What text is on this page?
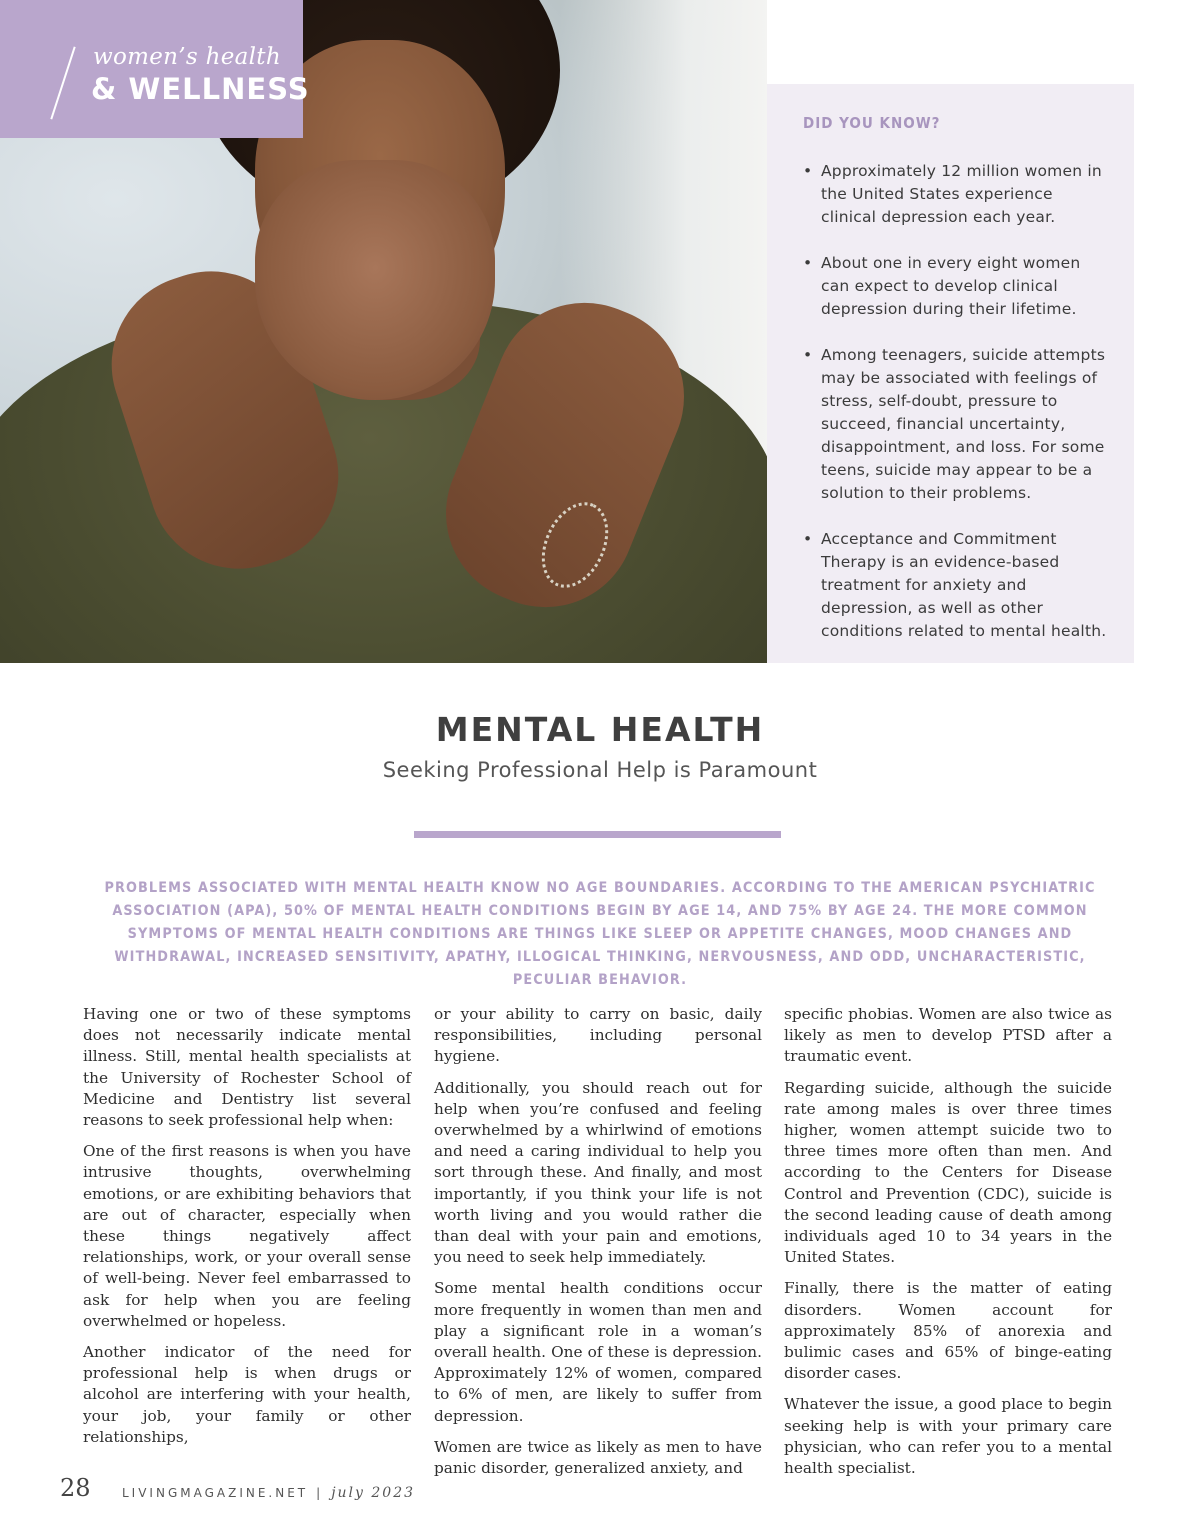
women’s health
& WELLNESS
DID YOU KNOW?
• Approximately 12 million women in the United States experience clinical depression each year.
• About one in every eight women can expect to develop clinical depression during their lifetime.
• Among teenagers, suicide attempts may be associated with feelings of stress, self-doubt, pressure to succeed, financial uncertainty, disappointment, and loss. For some teens, suicide may appear to be a solution to their problems.
• Acceptance and Commitment Therapy is an evidence-based treatment for anxiety and depression, as well as other conditions related to mental health.
MENTAL HEALTH
Seeking Professional Help is Paramount

PROBLEMS ASSOCIATED WITH MENTAL HEALTH KNOW NO AGE BOUNDARIES. ACCORDING TO THE AMERICAN PSYCHIATRIC ASSOCIATION (APA), 50% OF MENTAL HEALTH CONDITIONS BEGIN BY AGE 14, AND 75% BY AGE 24. THE MORE COMMON SYMPTOMS OF MENTAL HEALTH CONDITIONS ARE THINGS LIKE SLEEP OR APPETITE CHANGES, MOOD CHANGES AND WITHDRAWAL, INCREASED SENSITIVITY, APATHY, ILLOGICAL THINKING, NERVOUSNESS, AND ODD, UNCHARACTERISTIC, PECULIAR BEHAVIOR.

Having one or two of these symptoms does not necessarily indicate mental illness. Still, mental health specialists at the University of Rochester School of Medicine and Dentistry list several reasons to seek professional help when:

One of the first reasons is when you have intrusive thoughts, overwhelming emotions, or are exhibiting behaviors that are out of character, especially when these things negatively affect relationships, work, or your overall sense of well-being. Never feel embarrassed to ask for help when you are feeling overwhelmed or hopeless.

Another indicator of the need for professional help is when drugs or alcohol are interfering with your health, your job, your family or other relationships,

or your ability to carry on basic, daily responsibilities, including personal hygiene.

Additionally, you should reach out for help when you’re confused and feeling overwhelmed by a whirlwind of emotions and need a caring individual to help you sort through these. And finally, and most importantly, if you think your life is not worth living and you would rather die than deal with your pain and emotions, you need to seek help immediately.

Some mental health conditions occur more frequently in women than men and play a significant role in a woman’s overall health. One of these is depression. Approximately 12% of women, compared to 6% of men, are likely to suffer from depression.

Women are twice as likely as men to have panic disorder, generalized anxiety, and

specific phobias. Women are also twice as likely as men to develop PTSD after a traumatic event.

Regarding suicide, although the suicide rate among males is over three times higher, women attempt suicide two to three times more often than men. And according to the Centers for Disease Control and Prevention (CDC), suicide is the second leading cause of death among individuals aged 10 to 34 years in the United States.

Finally, there is the matter of eating disorders. Women account for approximately 85% of anorexia and bulimic cases and 65% of binge-eating disorder cases.

Whatever the issue, a good place to begin seeking help is with your primary care physician, who can refer you to a mental health specialist.

28	LIVINGMAGAZINE.NET | july 2023
